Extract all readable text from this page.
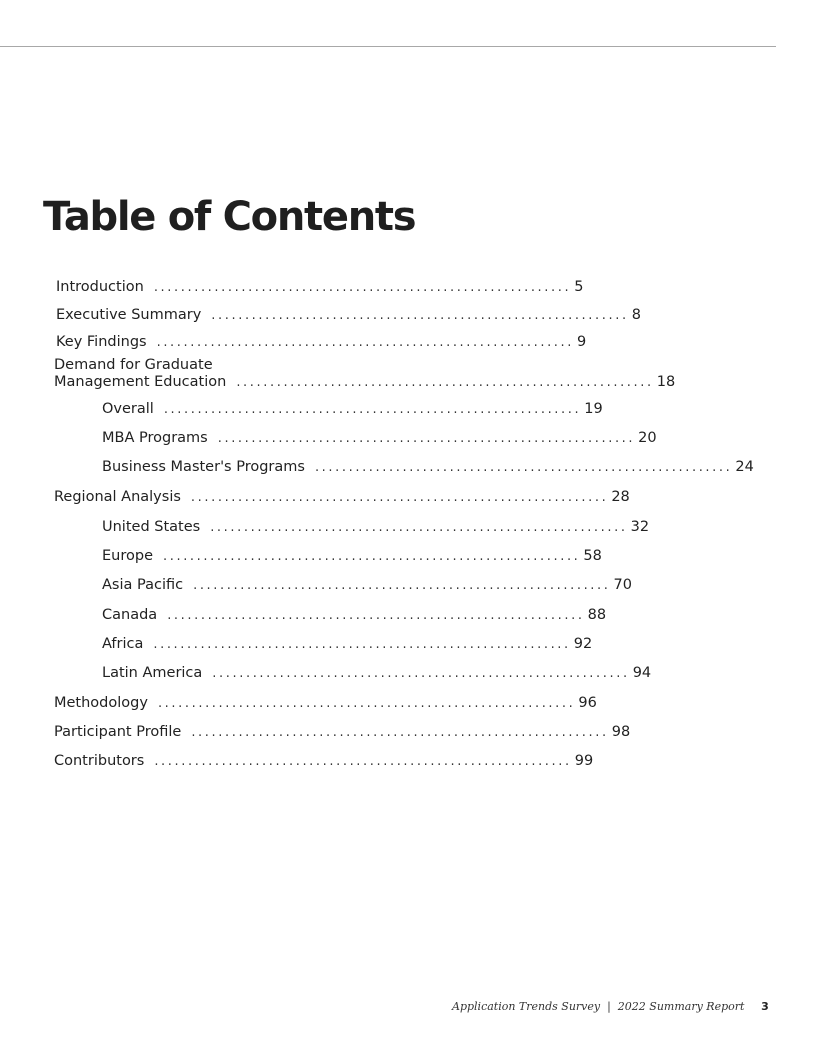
Table of Contents
Introduction .............................................................. 5
Executive Summary .............................................................. 8
Key Findings .............................................................. 9
Demand for Graduate
Management Education .............................................................. 18
Overall .............................................................. 19
MBA Programs .............................................................. 20
Business Master's Programs .............................................................. 24
Regional Analysis .............................................................. 28
United States .............................................................. 32
Europe .............................................................. 58
Asia Pacific .............................................................. 70
Canada .............................................................. 88
Africa .............................................................. 92
Latin America .............................................................. 94
Methodology .............................................................. 96
Participant Profile .............................................................. 98
Contributors .............................................................. 99
Application Trends Survey  |  2022 Summary Report 3
